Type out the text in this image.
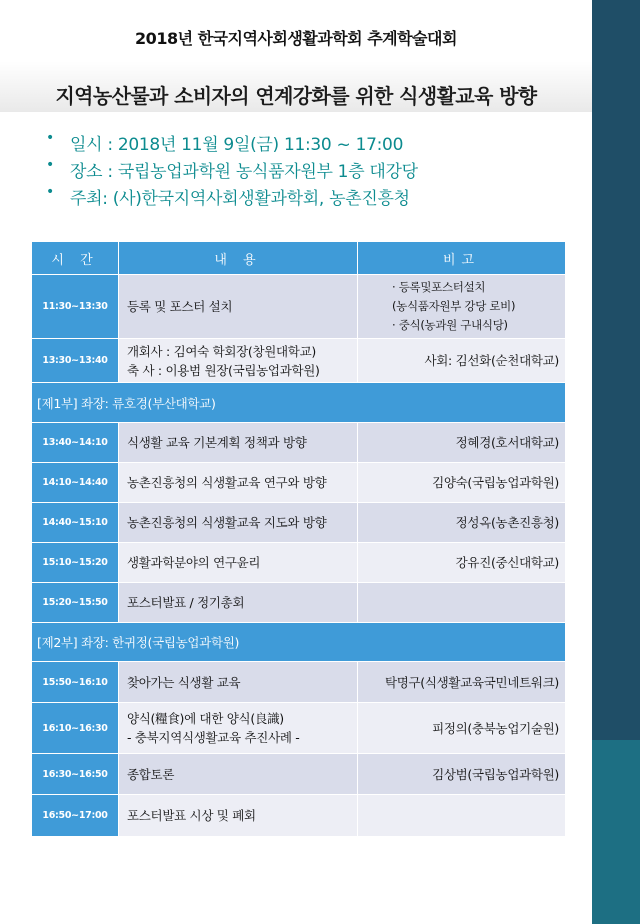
2018년 한국지역사회생활과학회 추계학술대회
지역농산물과 소비자의 연계강화를 위한 식생활교육 방향
• 일시 : 2018년 11월 9일(금) 11:30 ~ 17:00
• 장소 : 국립농업과학원 농식품자원부 1층 대강당
• 주최: (사)한국지역사회생활과학회, 농촌진흥청
시 간	내 용	비고
11:30~13:30	등록 및 포스터 설치	· 등록및포스터설치
(농식품자원부 강당 로비)
· 중식(농과원 구내식당)

13:30~13:40	개회사 : 김여숙 학회장(창원대학교)
축 사 : 이용범 원장(국립농업과학원)	사회: 김선화(순천대학교)

[제1부] 좌장: 류호경(부산대학교)		
13:40~14:10	식생활 교육 기본계획 정책과 방향	정혜경(호서대학교)

14:10~14:40	농촌진흥청의 식생활교육 연구와 방향	김양숙(국립농업과학원)

14:40~15:10	농촌진흥청의 식생활교육 지도와 방향	정성옥(농촌진흥청)

15:10~15:20	생활과학분야의 연구윤리	강유진(중신대학교)

15:20~15:50	포스터발표 / 정기총회	

[제2부] 좌장: 한귀정(국립농업과학원)		
15:50~16:10	찾아가는 식생활 교육	탁명구(식생활교육국민네트워크)

16:10~16:30	양식(糧食)에 대한 양식(良識)
- 충북지역식생활교육 추진사례 -	피정의(충북농업기술원)

16:30~16:50	종합토론	김상범(국립농업과학원)

16:50~17:00	포스터발표 시상 및 폐회	
